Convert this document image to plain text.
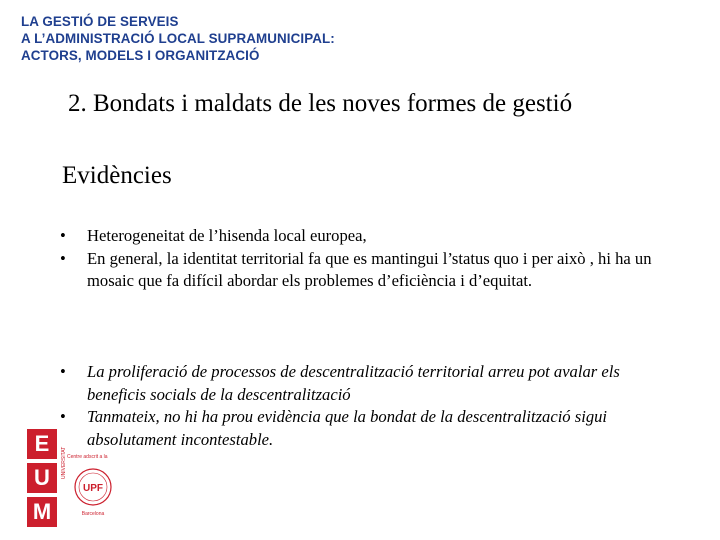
LA GESTIÓ DE SERVEIS
A L’ADMINISTRACIÓ LOCAL SUPRAMUNICIPAL:
ACTORS, MODELS I ORGANITZACIÓ
2. Bondats i maldats de les noves formes de gestió
Evidències
• Heterogeneitat de l’hisenda local europea,
• En general, la identitat territorial fa que es mantingui l’status quo i per això , hi ha un mosaic que fa difícil abordar els problemes d’eficiència i d’equitat.
• La proliferació de processos de descentralització territorial arreu pot avalar els beneficis socials de la descentralització
• Tanmateix, no hi ha prou evidència que la bondat de la descentralització sigui absolutament incontestable.
E
U
M
UNIVERSITAT Centre adscrit a la
UPF
Barcelona
